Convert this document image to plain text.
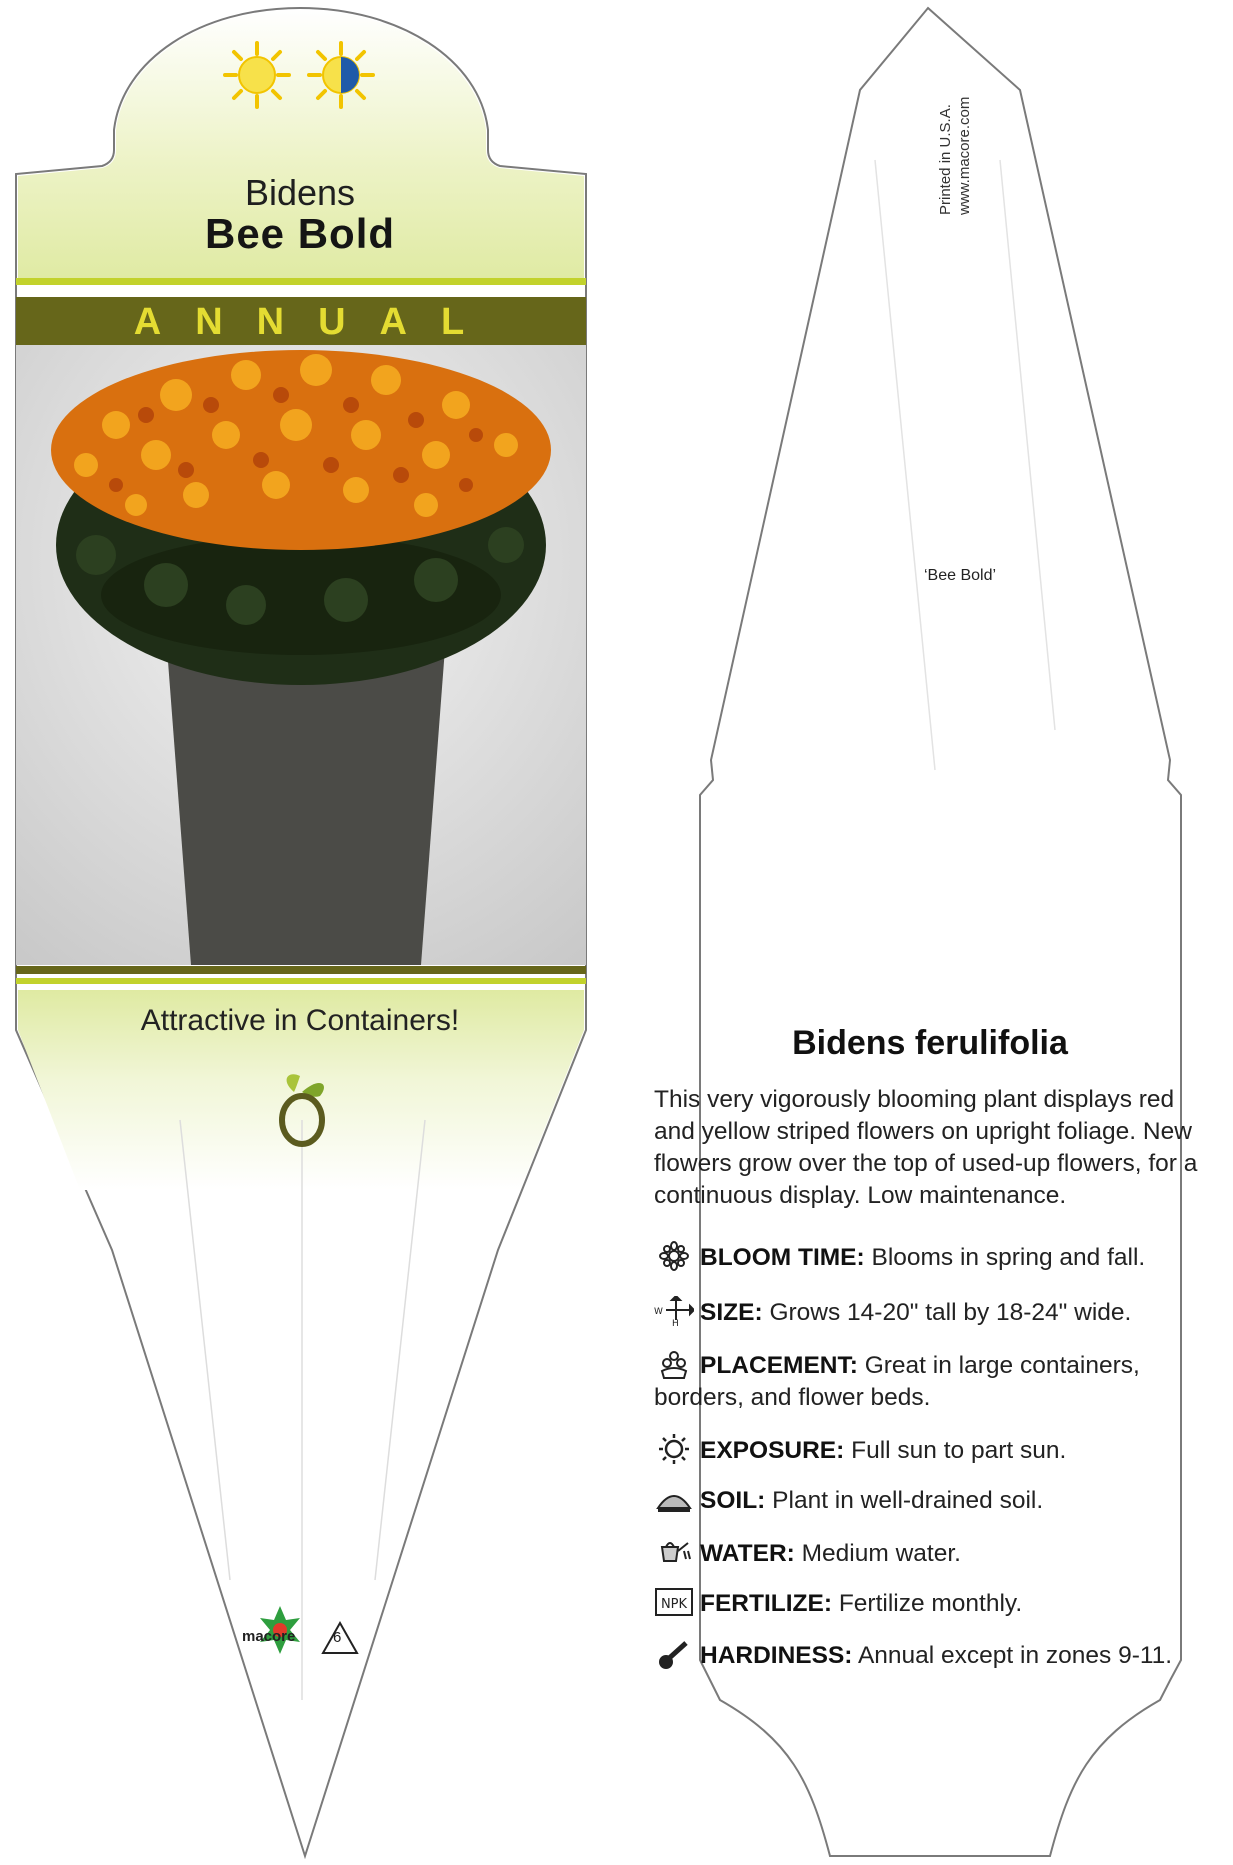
Bidens
Bee Bold
ANNUAL
Attractive in Containers!
macore	6
Printed in U.S.A. www.macore.com
‘Bee Bold’
Bidens ferulifolia
This very vigorously blooming plant displays red and yellow striped flowers on upright foliage. New flowers grow over the top of used-up flowers, for a continuous display. Low maintenance.
BLOOM TIME: Blooms in spring and fall.
W
H SIZE: Grows 14-20" tall by 18-24" wide.
PLACEMENT: Great in large containers, borders, and flower beds.
EXPOSURE: Full sun to part sun.
SOIL: Plant in well-drained soil.
WATER: Medium water.
NPK FERTILIZE: Fertilize monthly.
HARDINESS: Annual except in zones 9-11.
